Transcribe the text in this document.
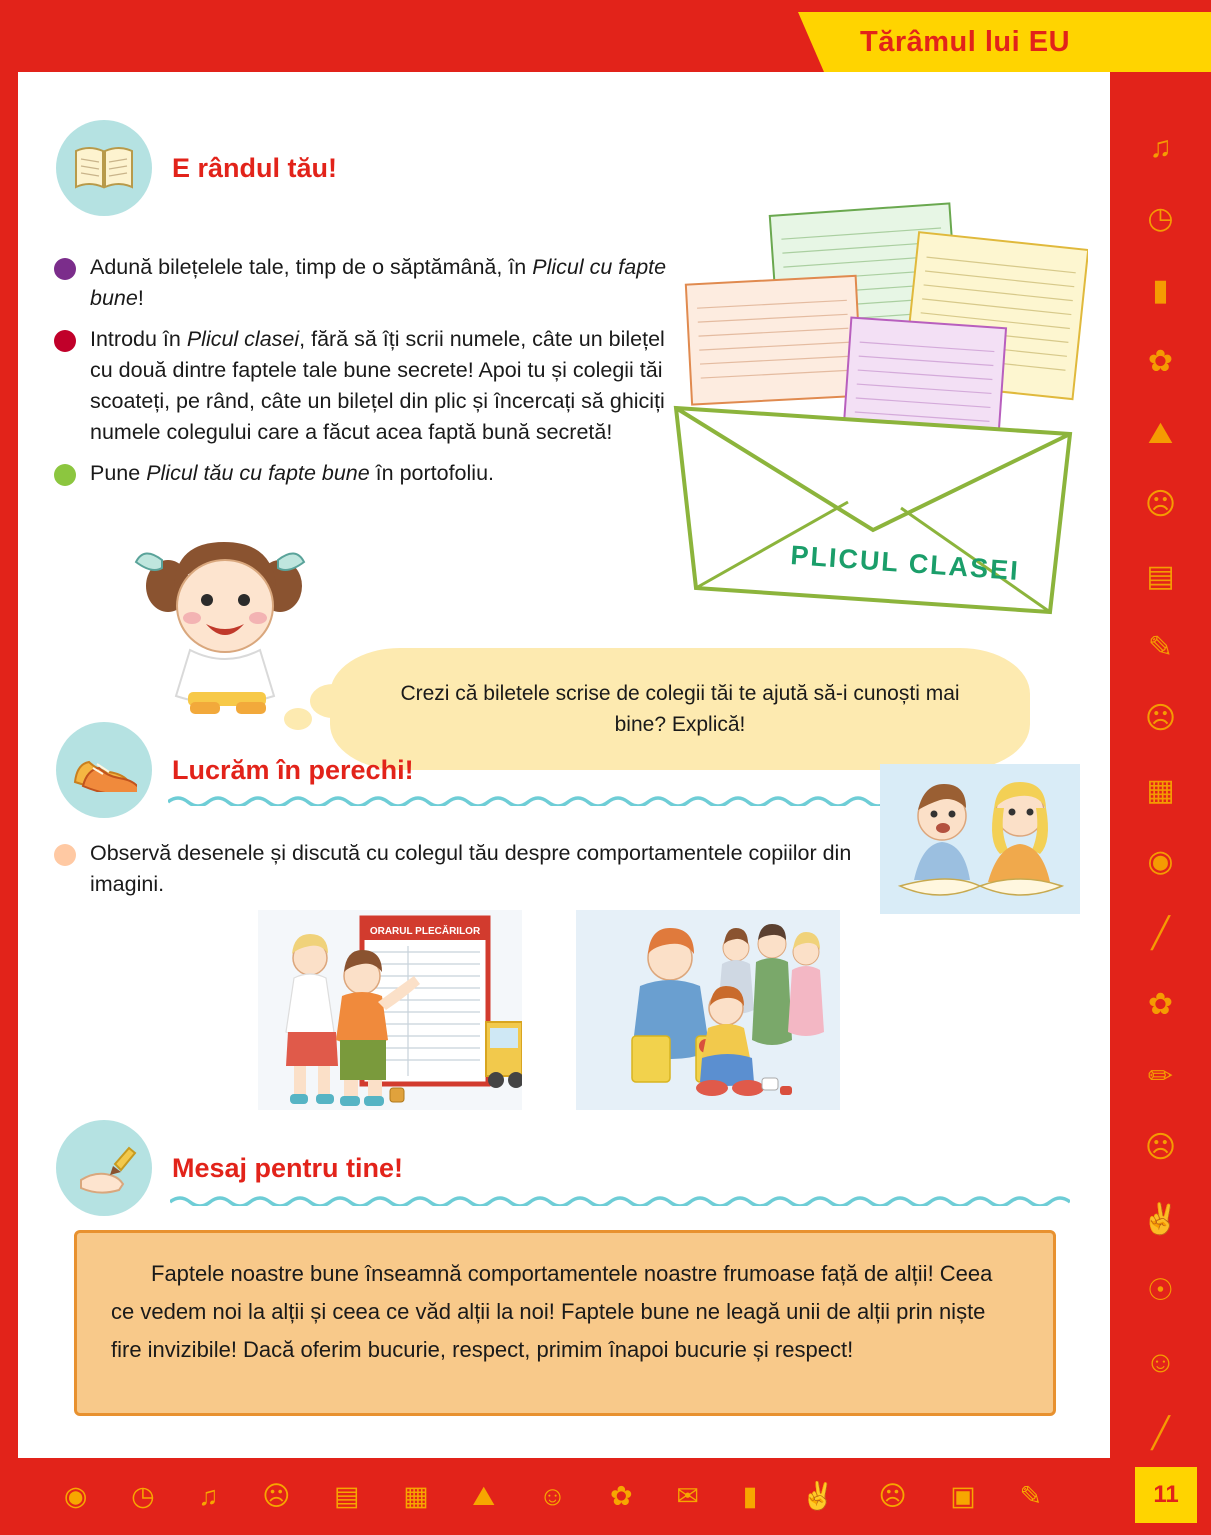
Tărâmul lui EU
♫
◷
▮
✿
⛰
☹
▤
✎
☹
▦
◉
╱
✿
✏
☹
✌
☉
☺
╱
E rândul tău!
Adună bilețelele tale, timp de o săptămână, în Plicul cu fapte bune!
Introdu în Plicul clasei, fără să îți scrii numele, câte un bilețel cu două dintre faptele tale bune secrete! Apoi tu și colegii tăi scoateți, pe rând, câte un bilețel din plic și încercați să ghiciți numele colegului care a făcut acea faptă bună secretă!
Pune Plicul tău cu fapte bune în portofoliu.
PLICUL CLASEI
Crezi că biletele scrise de colegii tăi te ajută să-i cunoști mai bine? Explică!
Lucrăm în perechi!
Observă desenele și discută cu colegul tău despre comportamentele copiilor din imagini.
ORARUL PLECĂRILOR
Mesaj pentru tine!
Faptele noastre bune înseamnă comportamentele noastre frumoase față de alții! Ceea ce vedem noi la alții și ceea ce văd alții la noi! Faptele bune ne leagă unii de alții prin niște fire invizibile! Dacă oferim bucurie, respect, primim înapoi bucurie și respect!
◉ ◷ ♫ ☹ ▤ ▦ ⛰ ☺ ✿ ✉ ▮ ✌ ☹ ▣ ✎	11
